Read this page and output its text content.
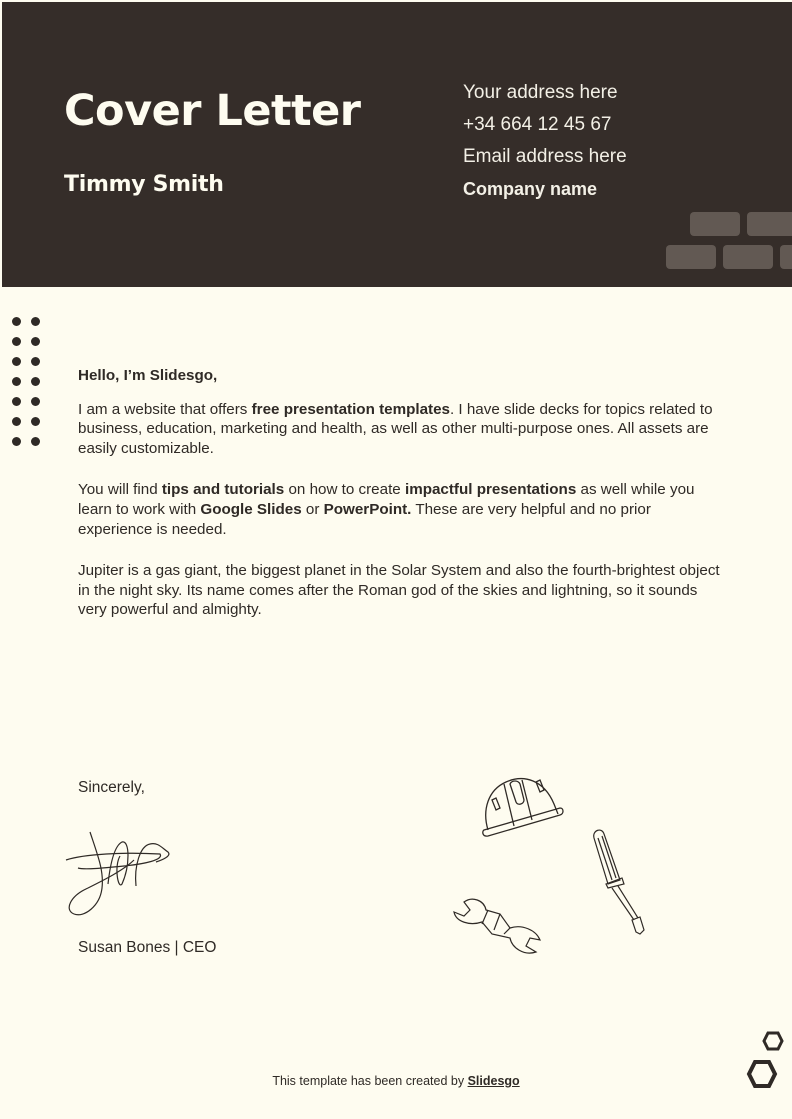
Cover Letter
Timmy Smith
Your address here
+34 664 12 45 67
Email address here
Company name

Hello, I’m Slidesgo,

I am a website that offers free presentation templates. I have slide decks for topics related to business, education, marketing and health, as well as other multi-purpose ones. All assets are easily customizable.

You will find tips and tutorials on how to create impactful presentations as well while you learn to work with Google Slides or PowerPoint. These are very helpful and no prior experience is needed.

Jupiter is a gas giant, the biggest planet in the Solar System and also the fourth-brightest object in the night sky. Its name comes after the Roman god of the skies and lightning, so it sounds very powerful and almighty.

Sincerely,
Susan Bones | CEO
This template has been created by Slidesgo
